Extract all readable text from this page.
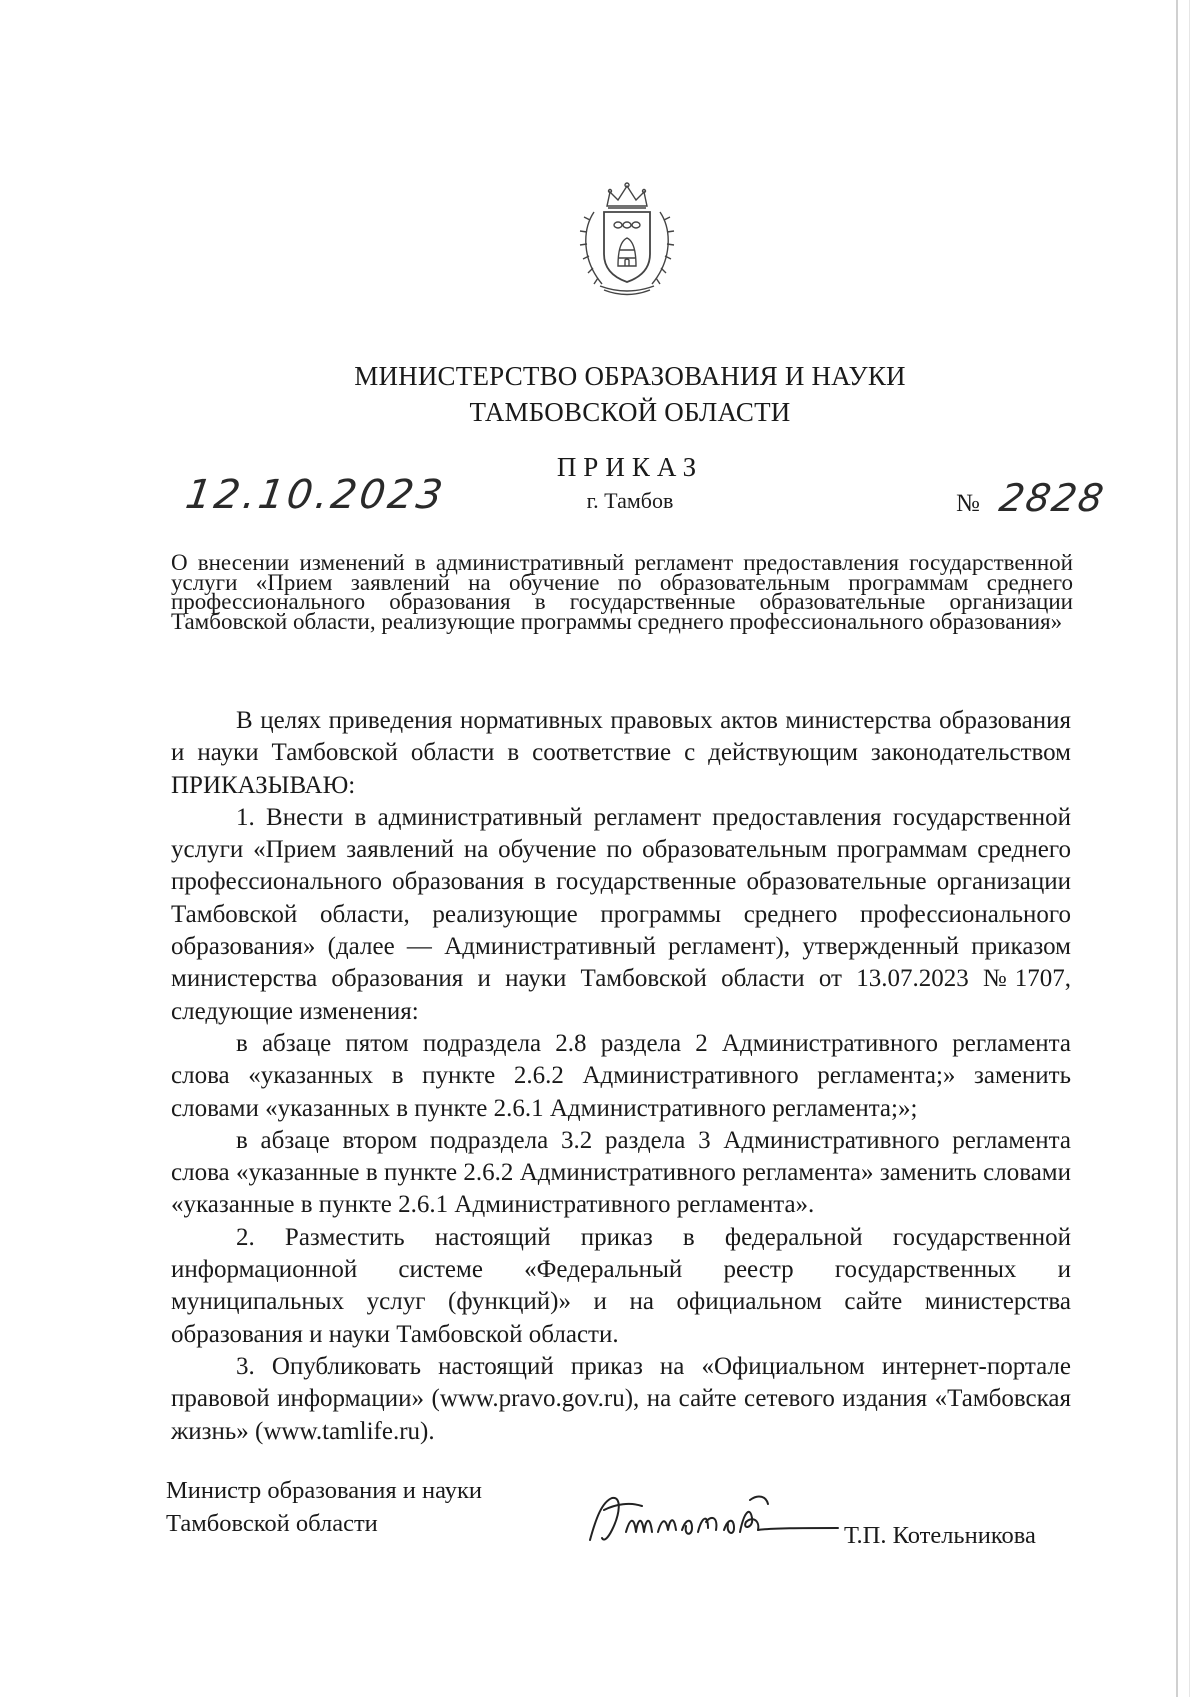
МИНИСТЕРСТВО ОБРАЗОВАНИЯ И НАУКИ
ТАМБОВСКОЙ ОБЛАСТИ
ПРИКАЗ
г. Тамбов
12.10.2023	№ 2828
О внесении изменений в административный регламент предоставления государственной услуги «Прием заявлений на обучение по образовательным программам среднего профессионального образования в государственные образовательные организации Тамбовской области, реализующие программы среднего профессионального образования»

В целях приведения нормативных правовых актов министерства образования и науки Тамбовской области в соответствие с действующим законодательством ПРИКАЗЫВАЮ:

1. Внести в административный регламент предоставления государственной услуги «Прием заявлений на обучение по образовательным программам среднего профессионального образования в государственные образовательные организации Тамбовской области, реализующие программы среднего профессионального образования» (далее — Административный регламент), утвержденный приказом министерства образования и науки Тамбовской области от 13.07.2023 №1707, следующие изменения:

в абзаце пятом подраздела 2.8 раздела 2 Административного регламента слова «указанных в пункте 2.6.2 Административного регламента;» заменить словами «указанных в пункте 2.6.1 Административного регламента;»;

в абзаце втором подраздела 3.2 раздела 3 Административного регламента слова «указанные в пункте 2.6.2 Административного регламента» заменить словами «указанные в пункте 2.6.1 Административного регламента».

2. Разместить настоящий приказ в федеральной государственной информационной системе «Федеральный реестр государственных и муниципальных услуг (функций)» и на официальном сайте министерства образования и науки Тамбовской области.

3. Опубликовать настоящий приказ на «Официальном интернет-портале правовой информации» (www.pravo.gov.ru), на сайте сетевого издания «Тамбовская жизнь» (www.tamlife.ru).

Министр образования и науки
Тамбовской области	Т.П. Котельникова
